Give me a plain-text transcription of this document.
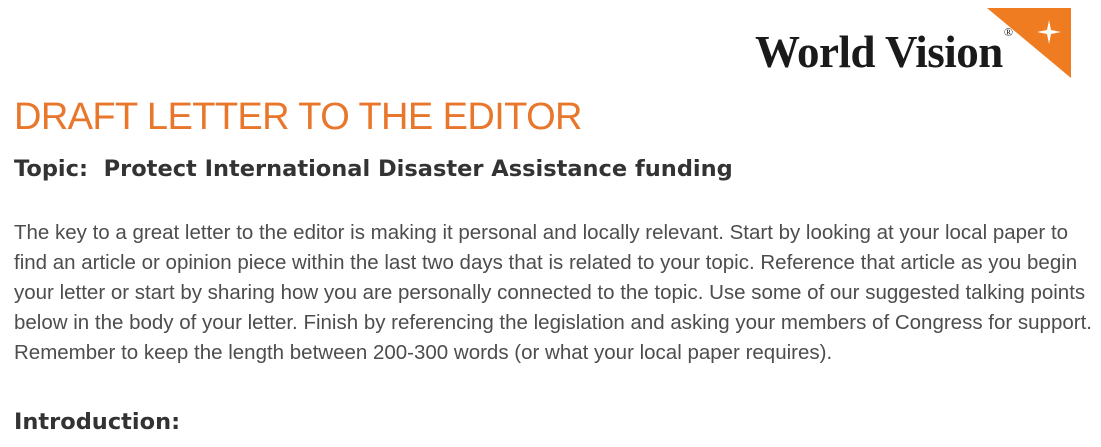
World Vision®
DRAFT LETTER TO THE EDITOR
Topic:  Protect International Disaster Assistance funding

The key to a great letter to the editor is making it personal and locally relevant. Start by looking at your local paper to find an article or opinion piece within the last two days that is related to your topic. Reference that article as you begin your letter or start by sharing how you are personally connected to the topic. Use some of our suggested talking points below in the body of your letter. Finish by referencing the legislation and asking your members of Congress for support. Remember to keep the length between 200-300 words (or what your local paper requires).

Introduction:
